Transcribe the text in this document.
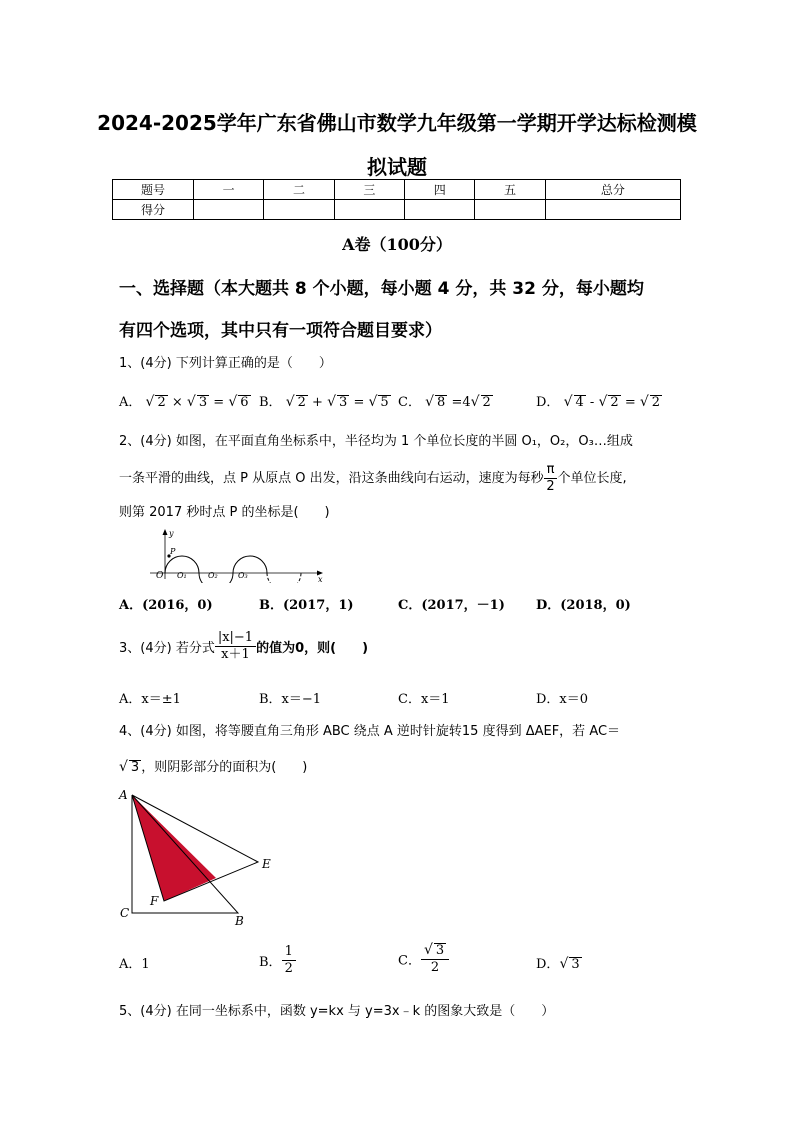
2024-2025学年广东省佛山市数学九年级第一学期开学达标检测模
拟试题
题号	一	二	三	四	五	总分
得分						
A卷（100分）
一、选择题（本大题共 8 个小题，每小题 4 分，共 32 分，每小题均
有四个选项，其中只有一项符合题目要求）
1、(4分) 下列计算正确的是（　　）
A． √ 2 × √ 3 = √ 6 B． √ 2 + √ 3 = √ 5 C． √ 8 =4√ 2	D． √ 4 - √ 2 = √ 2
2、(4分) 如图，在平面直角坐标系中，半径均为 1 个单位长度的半圆 O₁，O₂，O₃…组成
一条平滑的曲线，点 P 从原点 O 出发，沿这条曲线向右运动，速度为每秒 $\frac{\pi}{2}$ 个单位长度,
则第 2017 秒时点 P 的坐标是(　　)
y
x
O
P
O₁	O₂	O₃
A．(2016，0)	B．(2017，1)	C．(2017，－1) D．(2018，0)
3、(4分) 若分式 $\frac{|x|-1}{x+1}$ 的值为0，则(　　)
A．x＝±1	B．x＝−1	C．x＝1	D．x＝0
4、(4分) 如图，将等腰直角三角形 ABC 绕点 A 逆时针旋转15 度得到 ΔAEF，若 AC＝
√ 3 ，则阴影部分的面积为(　　)
A
B
C
E
F
A．1	B． $\frac{1}{2}$	C． $\frac{√ 3}{2}$	D．√ 3
5、(4分) 在同一坐标系中，函数 y=kx 与 y=3x﹣k 的图象大致是（　　）
